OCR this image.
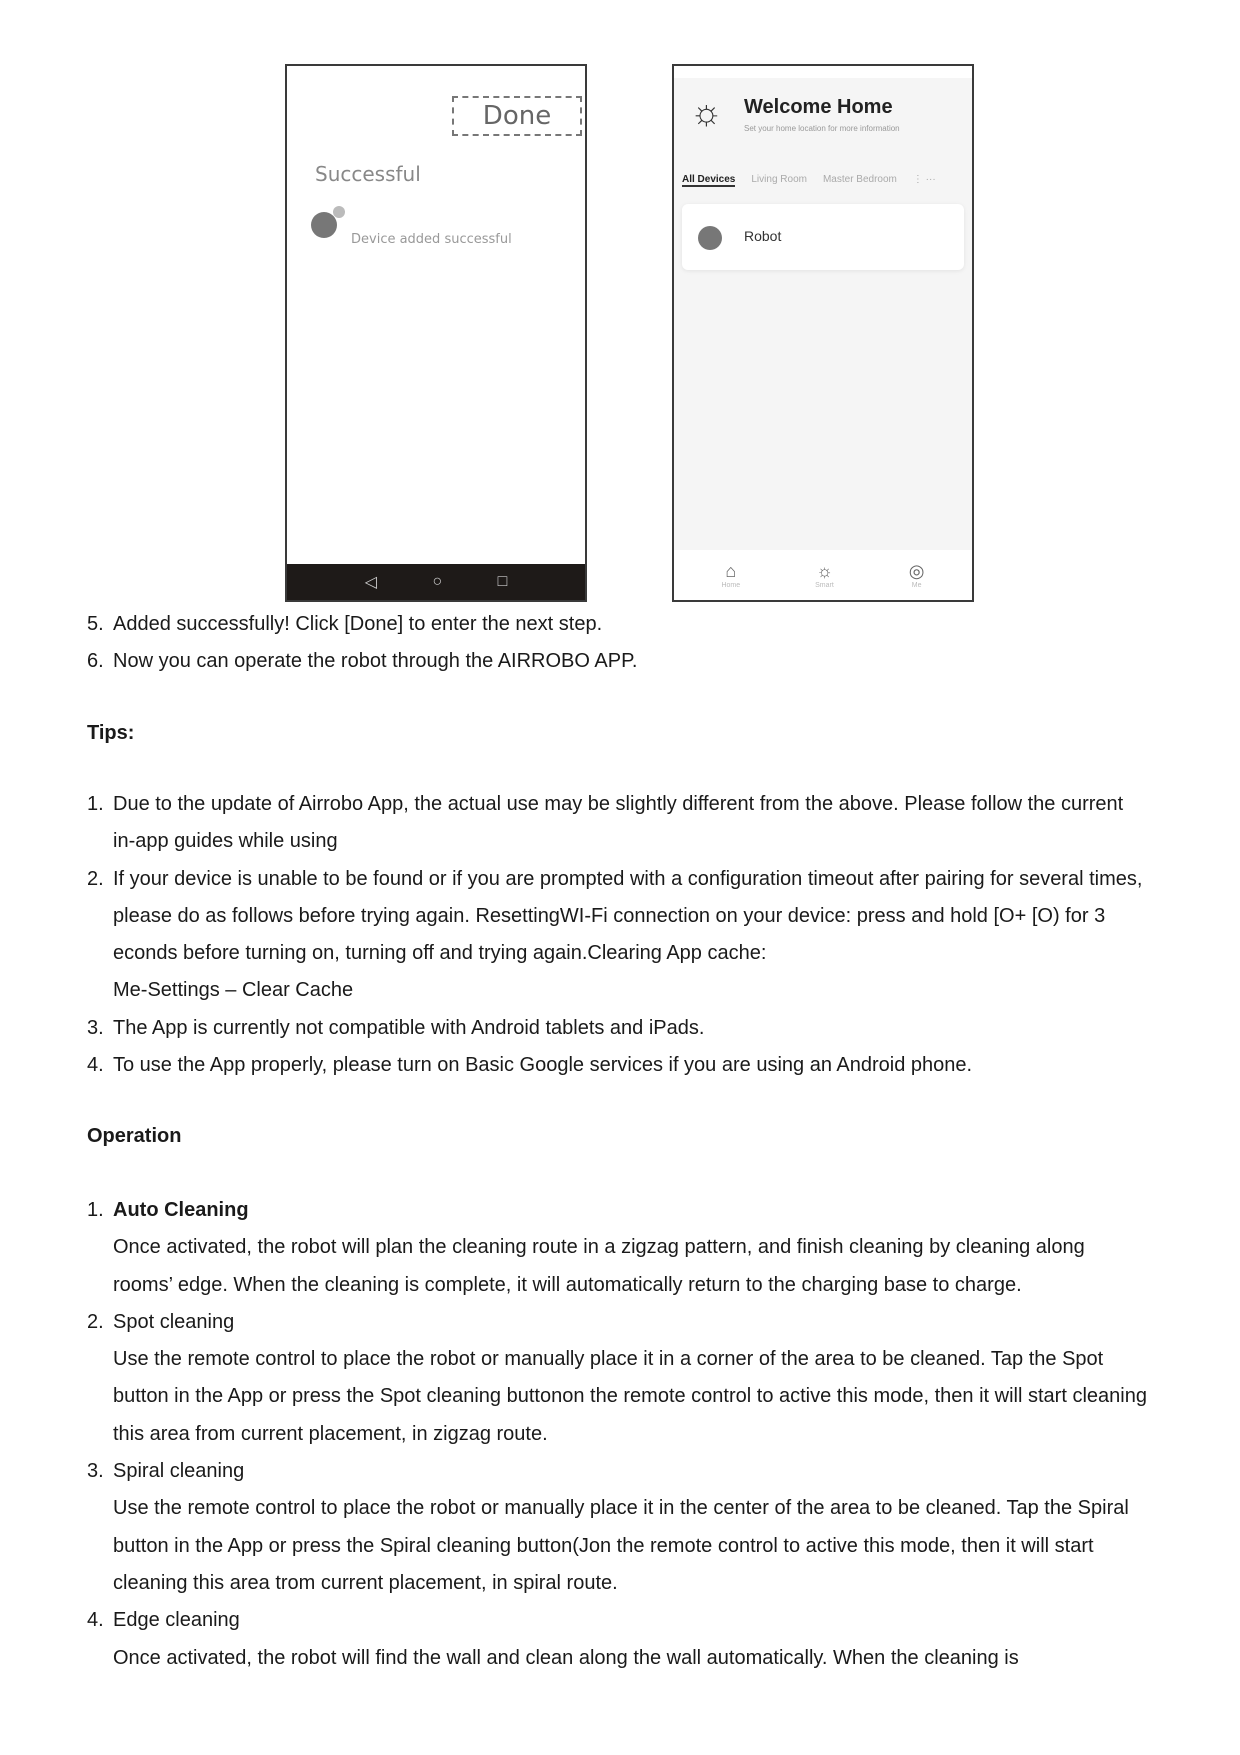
Done
Successful
Device added successful
◁	○	□
☼ Welcome Home
Set your home location for more information
All Devices Living Room Master Bedroom ⋮ ···
Robot
⌂
Home
☼
Smart
◎
Me
5. Added successfully! Click [Done] to enter the next step.
6. Now you can operate the robot through the AIRROBO APP.
Tips:
1. Due to the update of Airrobo App, the actual use may be slightly different from the above. Please follow the current in-app guides while using
2. If your device is unable to be found or if you are prompted with a configuration timeout after pairing for several times, please do as follows before trying again. ResettingWI-Fi connection on your device: press and hold [O+ [O) for 3 econds before turning on, turning off and trying again.Clearing App cache:
Me-Settings – Clear Cache
3. The App is currently not compatible with Android tablets and iPads.
4. To use the App properly, please turn on Basic Google services if you are using an Android phone.
Operation
1. Auto Cleaning
Once activated, the robot will plan the cleaning route in a zigzag pattern, and finish cleaning by cleaning along rooms’ edge. When the cleaning is complete, it will automatically return to the charging base to charge.
2. Spot cleaning
Use the remote control to place the robot or manually place it in a corner of the area to be cleaned. Tap the Spot button in the App or press the Spot cleaning buttonon the remote control to active this mode, then it will start cleaning this area from current placement, in zigzag route.
3. Spiral cleaning
Use the remote control to place the robot or manually place it in the center of the area to be cleaned. Tap the Spiral button in the App or press the Spiral cleaning button(Jon the remote control to active this mode, then it will start cleaning this area trom current placement, in spiral route.
4. Edge cleaning
Once activated, the robot will find the wall and clean along the wall automatically. When the cleaning is
